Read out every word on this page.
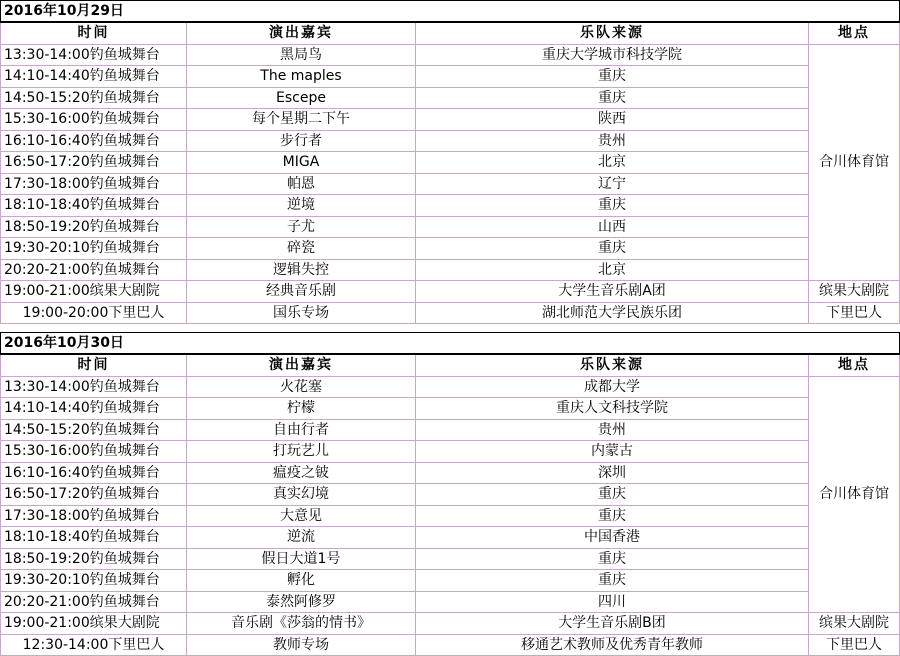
2016年10月29日			
时间	演出嘉宾	乐队来源	地点
13:30-14:00钓鱼城舞台	黑局鸟	重庆大学城市科技学院	合川体育馆
14:10-14:40钓鱼城舞台	The maples	重庆	
14:50-15:20钓鱼城舞台	Escepe	重庆	
15:30-16:00钓鱼城舞台	每个星期二下午	陕西	
16:10-16:40钓鱼城舞台	步行者	贵州	
16:50-17:20钓鱼城舞台	MIGA	北京	
17:30-18:00钓鱼城舞台	帕恩	辽宁	
18:10-18:40钓鱼城舞台	逆境	重庆	
18:50-19:20钓鱼城舞台	子尤	山西	
19:30-20:10钓鱼城舞台	碎瓷	重庆	
20:20-21:00钓鱼城舞台	逻辑失控	北京	
19:00-21:00缤果大剧院	经典音乐剧	大学生音乐剧A团	缤果大剧院
19:00-20:00下里巴人	国乐专场	湖北师范大学民族乐团	下里巴人
2016年10月30日			
时间	演出嘉宾	乐队来源	地点
13:30-14:00钓鱼城舞台	火花塞	成都大学	合川体育馆
14:10-14:40钓鱼城舞台	柠檬	重庆人文科技学院	
14:50-15:20钓鱼城舞台	自由行者	贵州	
15:30-16:00钓鱼城舞台	打玩艺儿	内蒙古	
16:10-16:40钓鱼城舞台	瘟疫之铍	深圳	
16:50-17:20钓鱼城舞台	真实幻境	重庆	
17:30-18:00钓鱼城舞台	大意见	重庆	
18:10-18:40钓鱼城舞台	逆流	中国香港	
18:50-19:20钓鱼城舞台	假日大道1号	重庆	
19:30-20:10钓鱼城舞台	孵化	重庆	
20:20-21:00钓鱼城舞台	泰然阿修罗	四川	
19:00-21:00缤果大剧院	音乐剧《莎翁的情书》	大学生音乐剧B团	缤果大剧院
12:30-14:00下里巴人	教师专场	移通艺术教师及优秀青年教师	下里巴人
